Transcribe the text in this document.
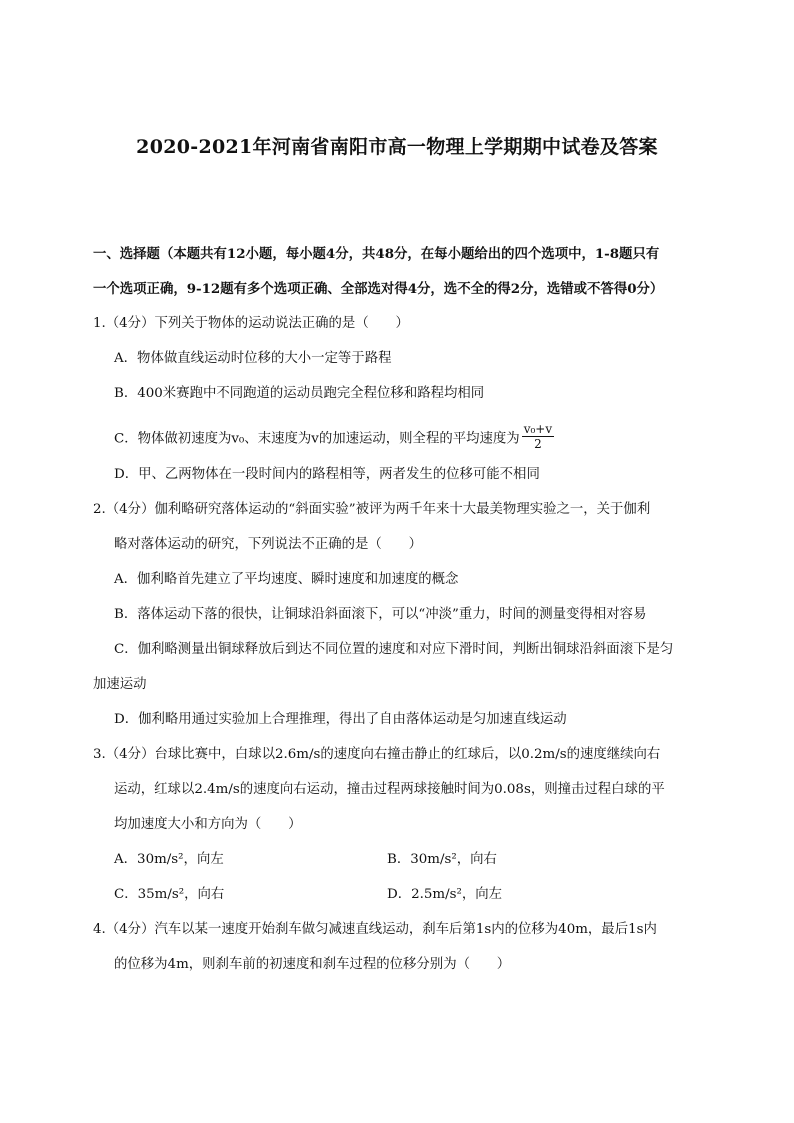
2020-2021年河南省南阳市高一物理上学期期中试卷及答案
一、选择题（本题共有12小题，每小题4分，共48分，在每小题给出的四个选项中，1-8题只有
一个选项正确，9-12题有多个选项正确、全部选对得4分，选不全的得2分，选错或不答得0分）
1.（4分）下列关于物体的运动说法正确的是（　　）
A．物体做直线运动时位移的大小一定等于路程
B．400米赛跑中不同跑道的运动员跑完全程位移和路程均相同
C．物体做初速度为v₀、末速度为v的加速运动，则全程的平均速度为 $\frac{\text{v₀+v}}{2}$
D．甲、乙两物体在一段时间内的路程相等，两者发生的位移可能不相同
2.（4分）伽利略研究落体运动的“斜面实验”被评为两千年来十大最美物理实验之一，关于伽利
略对落体运动的研究，下列说法不正确的是（　　）
A．伽利略首先建立了平均速度、瞬时速度和加速度的概念
B．落体运动下落的很快，让铜球沿斜面滚下，可以“冲淡”重力，时间的测量变得相对容易
C．伽利略测量出铜球释放后到达不同位置的速度和对应下滑时间，判断出铜球沿斜面滚下是匀
加速运动
D．伽利略用通过实验加上合理推理，得出了自由落体运动是匀加速直线运动
3.（4分）台球比赛中，白球以2.6m/s的速度向右撞击静止的红球后，以0.2m/s的速度继续向右
运动，红球以2.4m/s的速度向右运动，撞击过程两球接触时间为0.08s，则撞击过程白球的平
均加速度大小和方向为（　　）
A．30m/s²，向左	B．30m/s²，向右
C．35m/s²，向右	D．2.5m/s²，向左
4.（4分）汽车以某一速度开始刹车做匀减速直线运动，刹车后第1s内的位移为40m，最后1s内
的位移为4m，则刹车前的初速度和刹车过程的位移分别为（　　）
